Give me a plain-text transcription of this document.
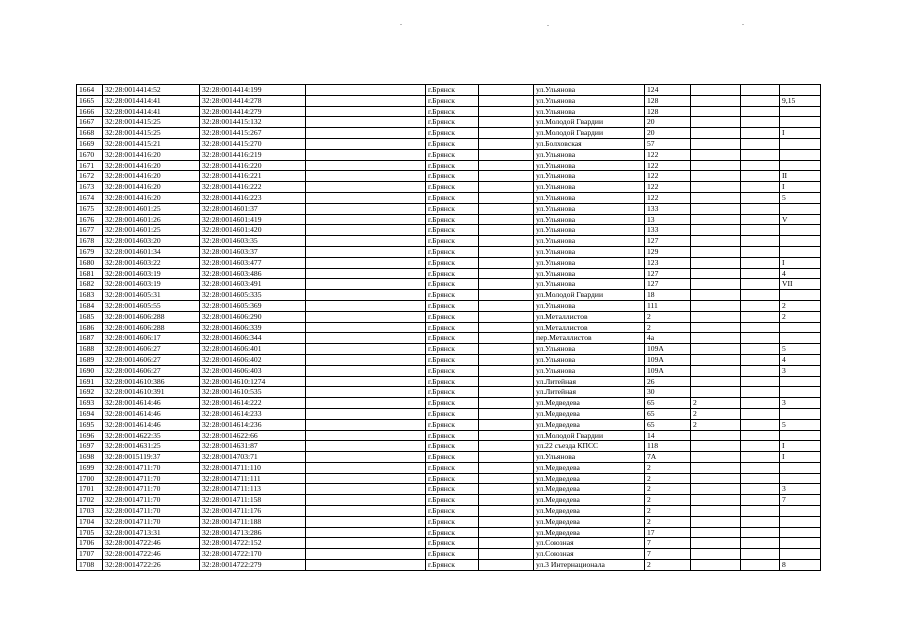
1664	32:28:0014414:52	32:28:0014414:199		г.Брянск		ул.Ульянова	124			
1665	32:28:0014414:41	32:28:0014414:278		г.Брянск		ул.Ульянова	128			9,15
1666	32:28:0014414:41	32:28:0014414:279		г.Брянск		ул.Ульянова	128			
1667	32:28:0014415:25	32:28:0014415:132		г.Брянск		ул.Молодой Гвардии	20			
1668	32:28:0014415:25	32:28:0014415:267		г.Брянск		ул.Молодой Гвардии	20			I
1669	32:28:0014415:21	32:28:0014415:270		г.Брянск		ул.Болховская	57			
1670	32:28:0014416:20	32:28:0014416:219		г.Брянск		ул.Ульянова	122			
1671	32:28:0014416:20	32:28:0014416:220		г.Брянск		ул.Ульянова	122			
1672	32:28:0014416:20	32:28:0014416:221		г.Брянск		ул.Ульянова	122			II
1673	32:28:0014416:20	32:28:0014416:222		г.Брянск		ул.Ульянова	122			I
1674	32:28:0014416:20	32:28:0014416:223		г.Брянск		ул.Ульянова	122			5
1675	32:28:0014601:25	32:28:0014601:37		г.Брянск		ул.Ульянова	133			
1676	32:28:0014601:26	32:28:0014601:419		г.Брянск		ул.Ульянова	13			V
1677	32:28:0014601:25	32:28:0014601:420		г.Брянск		ул.Ульянова	133			
1678	32:28:0014603:20	32:28:0014603:35		г.Брянск		ул.Ульянова	127			
1679	32:28:0014601:34	32:28:0014603:37		г.Брянск		ул.Ульянова	129			
1680	32:28:0014603:22	32:28:0014603:477		г.Брянск		ул.Ульянова	123			I
1681	32:28:0014603:19	32:28:0014603:486		г.Брянск		ул.Ульянова	127			4
1682	32:28:0014603:19	32:28:0014603:491		г.Брянск		ул.Ульянова	127			VII
1683	32:28:0014605:31	32:28:0014605:335		г.Брянск		ул.Молодой Гвардии	18			
1684	32:28:0014605:55	32:28:0014605:369		г.Брянск		ул.Ульянова	111			2
1685	32:28:0014606:288	32:28:0014606:290		г.Брянск		ул.Металлистов	2			2
1686	32:28:0014606:288	32:28:0014606:339		г.Брянск		ул.Металлистов	2			
1687	32:28:0014606:17	32:28:0014606:344		г.Брянск		пер.Металлистов	4а			
1688	32:28:0014606:27	32:28:0014606:401		г.Брянск		ул.Ульянова	109А			5
1689	32:28:0014606:27	32:28:0014606:402		г.Брянск		ул.Ульянова	109А			4
1690	32:28:0014606:27	32:28:0014606:403		г.Брянск		ул.Ульянова	109А			3
1691	32:28:0014610:386	32:28:0014610:1274		г.Брянск		ул.Литейная	26			
1692	32:28:0014610:391	32:28:0014610:535		г.Брянск		ул.Литейная	30			
1693	32:28:0014614:46	32:28:0014614:222		г.Брянск		ул.Медведева	65	2		3
1694	32:28:0014614:46	32:28:0014614:233		г.Брянск		ул.Медведева	65	2		
1695	32:28:0014614:46	32:28:0014614:236		г.Брянск		ул.Медведева	65	2		5
1696	32:28:0014622:35	32:28:0014622:66		г.Брянск		ул.Молодой Гвардии	14			
1697	32:28:0014631:25	32:28:0014631:87		г.Брянск		ул.22 съезда КПСС	118			I
1698	32:28:0015119:37	32:28:0014703:71		г.Брянск		ул.Ульянова	7А			I
1699	32:28:0014711:70	32:28:0014711:110		г.Брянск		ул.Медведева	2			
1700	32:28:0014711:70	32:28:0014711:111		г.Брянск		ул.Медведева	2			
1701	32:28:0014711:70	32:28:0014711:113		г.Брянск		ул.Медведева	2			3
1702	32:28:0014711:70	32:28:0014711:158		г.Брянск		ул.Медведева	2			7
1703	32:28:0014711:70	32:28:0014711:176		г.Брянск		ул.Медведева	2			
1704	32:28:0014711:70	32:28:0014711:188		г.Брянск		ул.Медведева	2			
1705	32:28:0014713:31	32:28:0014713:286		г.Брянск		ул.Медведева	17			
1706	32:28:0014722:46	32:28:0014722:152		г.Брянск		ул.Союзная	7			
1707	32:28:0014722:46	32:28:0014722:170		г.Брянск		ул.Союзная	7			
1708	32:28:0014722:26	32:28:0014722:279		г.Брянск		ул.3 Интернационала	2			8
